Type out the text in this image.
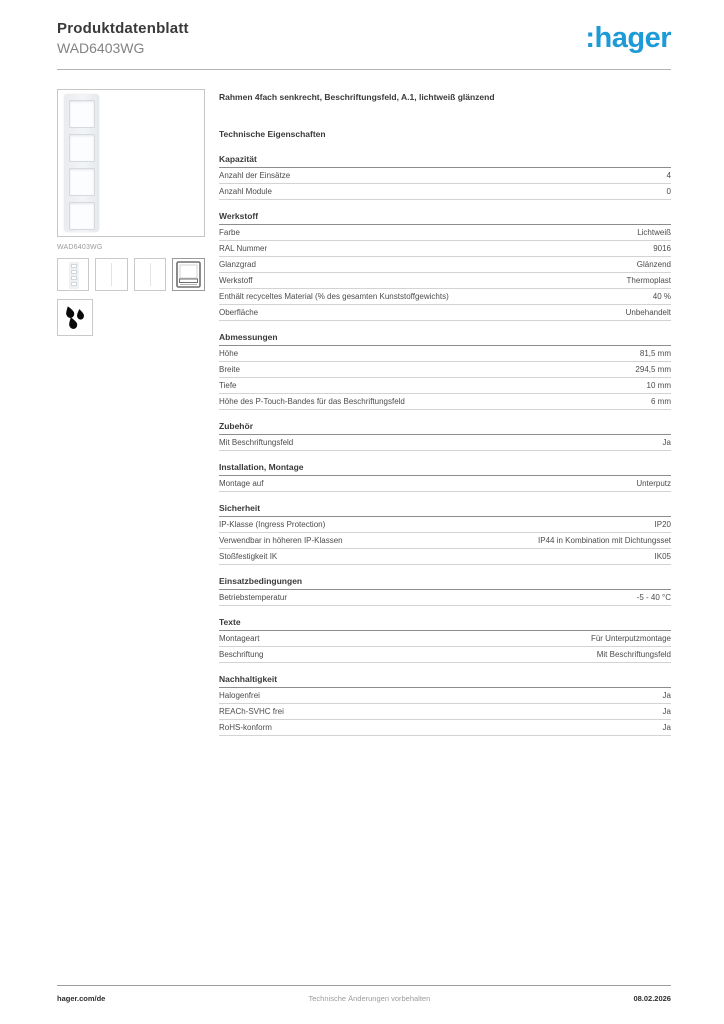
Produktdatenblatt
WAD6403WG	:hager
WAD6403WG
Rahmen 4fach senkrecht, Beschriftungsfeld, A.1, lichtweiß glänzend
Technische Eigenschaften
Kapazität
Anzahl der Einsätze	4
Anzahl Module	0
Werkstoff
Farbe	Lichtweiß
RAL Nummer	9016
Glanzgrad	Glänzend
Werkstoff	Thermoplast
Enthält recyceltes Material (% des gesamten Kunststoffgewichts)	40 %
Oberfläche	Unbehandelt
Abmessungen
Höhe	81,5 mm
Breite	294,5 mm
Tiefe	10 mm
Höhe des P-Touch-Bandes für das Beschriftungsfeld	6 mm
Zubehör
Mit Beschriftungsfeld	Ja
Installation, Montage
Montage auf	Unterputz
Sicherheit
IP-Klasse (Ingress Protection)	IP20
Verwendbar in höheren IP-Klassen	IP44 in Kombination mit Dichtungsset
Stoßfestigkeit IK	IK05
Einsatzbedingungen
Betriebstemperatur	-5 - 40 °C
Texte
Montageart	Für Unterputzmontage
Beschriftung	Mit Beschriftungsfeld
Nachhaltigkeit
Halogenfrei	Ja
REACh-SVHC frei	Ja
RoHS-konform	Ja
hager.com/de	Technische Änderungen vorbehalten	08.02.2026
